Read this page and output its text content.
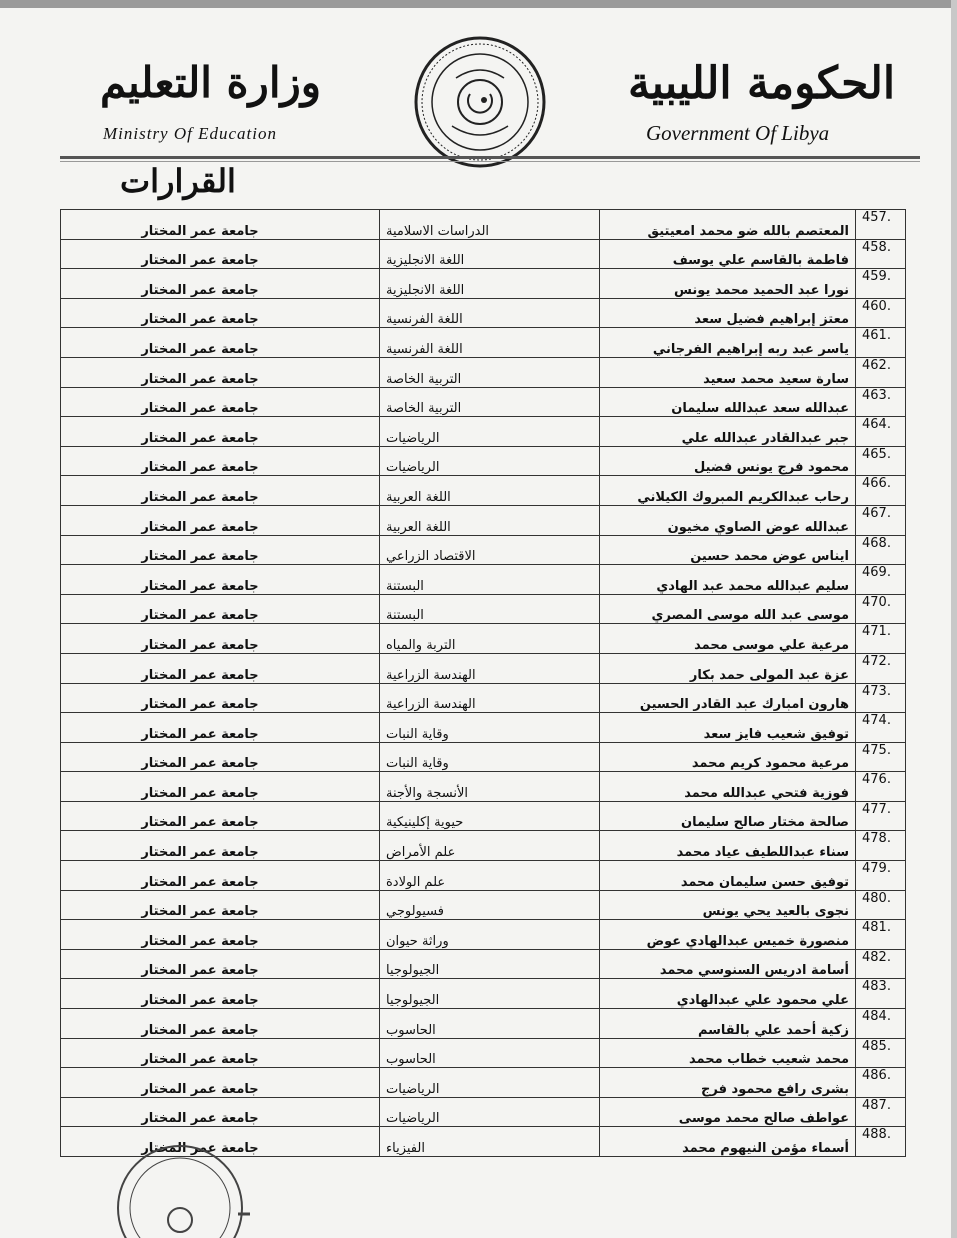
الحكومة الليبية
Government Of Libya
وزارة التعليم
Ministry Of Education
القرارات
457.	المعتصم بالله ضو محمد امعيتيق	الدراسات الاسلامية	جامعة عمر المختار
458.	فاطمة بالقاسم علي يوسف	اللغة الانجليزية	جامعة عمر المختار
459.	نورا عبد الحميد محمد يونس	اللغة الانجليزية	جامعة عمر المختار
460.	معتز إبراهيم فضيل سعد	اللغة الفرنسية	جامعة عمر المختار
461.	ياسر عبد ربه إبراهيم الفرجاني	اللغة الفرنسية	جامعة عمر المختار
462.	سارة سعيد محمد سعيد	التربية الخاصة	جامعة عمر المختار
463.	عبدالله سعد عبدالله سليمان	التربية الخاصة	جامعة عمر المختار
464.	جبر عبدالقادر عبدالله علي	الرياضيات	جامعة عمر المختار
465.	محمود فرج يونس فضيل	الرياضيات	جامعة عمر المختار
466.	رحاب عبدالكريم المبروك الكيلاني	اللغة العربية	جامعة عمر المختار
467.	عبدالله عوض الصاوي مخيون	اللغة العربية	جامعة عمر المختار
468.	ايناس عوض محمد حسين	الاقتصاد الزراعي	جامعة عمر المختار
469.	سليم عبدالله محمد عبد الهادي	البستنة	جامعة عمر المختار
470.	موسى عبد الله موسى المصري	البستنة	جامعة عمر المختار
471.	مرعية علي موسى محمد	التربة والمياه	جامعة عمر المختار
472.	عزة عبد المولى حمد بكار	الهندسة الزراعية	جامعة عمر المختار
473.	هارون امبارك عبد القادر الحسين	الهندسة الزراعية	جامعة عمر المختار
474.	توفيق شعيب فايز سعد	وقاية النبات	جامعة عمر المختار
475.	مرعية محمود كريم محمد	وقاية النبات	جامعة عمر المختار
476.	فوزية فتحي عبدالله محمد	الأنسجة والأجنة	جامعة عمر المختار
477.	صالحة مختار صالح سليمان	حيوية إكلينيكية	جامعة عمر المختار
478.	سناء عبداللطيف عياد محمد	علم الأمراض	جامعة عمر المختار
479.	توفيق حسن سليمان محمد	علم الولادة	جامعة عمر المختار
480.	نجوى بالعيد يحي يونس	فسيولوجي	جامعة عمر المختار
481.	منصورة خميس عبدالهادي عوض	وراثة حيوان	جامعة عمر المختار
482.	أسامة ادريس السنوسي محمد	الجيولوجيا	جامعة عمر المختار
483.	علي محمود علي عبدالهادي	الجيولوجيا	جامعة عمر المختار
484.	زكية أحمد علي بالقاسم	الحاسوب	جامعة عمر المختار
485.	محمد شعيب خطاب محمد	الحاسوب	جامعة عمر المختار
486.	بشرى رافع محمود فرج	الرياضيات	جامعة عمر المختار
487.	عواطف صالح محمد موسى	الرياضيات	جامعة عمر المختار
488.	أسماء مؤمن النيهوم محمد	الفيزياء	جامعة عمر المختار
